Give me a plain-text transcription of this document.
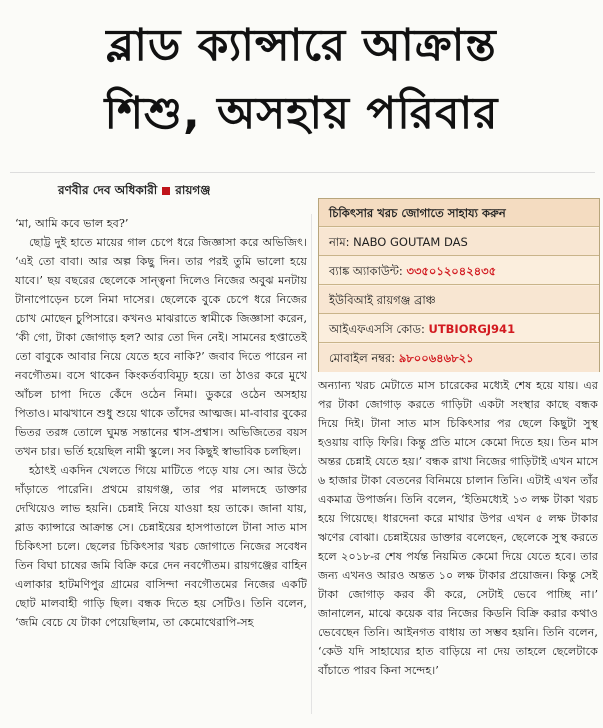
ব্লাড ক্যান্সারে আক্রান্ত
শিশু, অসহায় পরিবার
রণবীর দেব অধিকারী রায়গঞ্জ

‘মা, আমি কবে ভাল হব?’

ছোট্ট দুই হাতে মায়ের গাল চেপে ধরে জিজ্ঞাসা করে অভিজিৎ। ‘এই তো বাবা। আর অল্প কিছু দিন। তার পরই তুমি ভালো হয়ে যাবে।’ ছয় বছরের ছেলেকে সান্ত্বনা দিলেও নিজের অবুঝ মনটায় টানাপোড়েন চলে নিমা দাসের। ছেলেকে বুকে চেপে ধরে নিজের চোখ মোছেন চুপিসারে। কখনও মাঝরাতে স্বামীকে জিজ্ঞাসা করেন, ‘কী গো, টাকা জোগাড় হল? আর তো দিন নেই। সামনের হপ্তাতেই তো বাবুকে আবার নিয়ে যেতে হবে নাকি?’ জবাব দিতে পারেন না নবগৌতম। বসে থাকেন কিংকর্তব্যবিমূঢ় হয়ে। তা ঠাওর করে মুখে আঁচল চাপা দিতে কেঁদে ওঠেন নিমা। ডুকরে ওঠেন অসহায় পিতাও। মাঝখানে শুধু শুয়ে থাকে তাঁদের আত্মজ। মা-বাবার বুকের ভিতর তরঙ্গ তোলে ঘুমন্ত সন্তানের শ্বাস-প্রশ্বাস। অভিজিতের বয়স তখন চার। ভর্তি হয়েছিল নামী স্কুলে। সব কিছুই স্বাভাবিক চলছিল।

হঠাৎই একদিন খেলতে গিয়ে মাটিতে পড়ে যায় সে। আর উঠে দাঁড়াতে পারেনি। প্রথমে রায়গঞ্জ, তার পর মালদহে ডাক্তার দেখিয়েও লাভ হয়নি। চেন্নাই নিয়ে যাওয়া হয় তাকে। জানা যায়, ব্লাড ক্যান্সারে আক্রান্ত সে। চেন্নাইয়ের হাসপাতালে টানা সাত মাস চিকিৎসা চলে। ছেলের চিকিৎসার খরচ জোগাতে নিজের সবেধন তিন বিঘা চাষের জমি বিক্রি করে দেন নবগৌতম। রায়গঞ্জের বাহিন এলাকার হাটমণিপুর গ্রামের বাসিন্দা নবগৌতমের নিজের একটি ছোট মালবাহী গাড়ি ছিল। বন্ধক দিতে হয় সেটিও। তিনি বলেন, ‘জমি বেচে যে টাকা পেয়েছিলাম, তা কেমোথেরাপি-সহ

চিকিৎসার খরচ জোগাতে সাহায্য করুন
নাম: NABO GOUTAM DAS
ব্যাঙ্ক অ্যাকাউন্ট: ৩৩৫০১২০৪২৪৩৫
ইউবিআই রায়গঞ্জ ব্রাঞ্চ
আইএফএসসি কোড: UTBIORGJ941
মোবাইল নম্বর: ৯৮০০৬৪৬৮২১

অন্যান্য খরচ মেটাতে মাস চারেকের মধ্যেই শেষ হয়ে যায়। এর পর টাকা জোগাড় করতে গাড়িটা একটা সংস্থার কাছে বন্ধক দিয়ে দিই। টানা সাত মাস চিকিৎসার পর ছেলে কিছুটা সুস্থ হওয়ায় বাড়ি ফিরি। কিন্তু প্রতি মাসে কেমো দিতে হয়। তিন মাস অন্তর চেন্নাই যেতে হয়।’ বন্ধক রাখা নিজের গাড়িটাই এখন মাসে ৬ হাজার টাকা বেতনের বিনিময়ে চালান তিনি। এটাই এখন তাঁর একমাত্র উপার্জন। তিনি বলেন, ‘ইতিমধ্যেই ১৩ লক্ষ টাকা খরচ হয়ে গিয়েছে। ধারদেনা করে মাথার উপর এখন ৫ লক্ষ টাকার ঋণের বোঝা। চেন্নাইয়ের ডাক্তার বলেছেন, ছেলেকে সুস্থ করতে হলে ২০১৮-র শেষ পর্যন্ত নিয়মিত কেমো দিয়ে যেতে হবে। তার জন্য এখনও আরও অন্তত ১০ লক্ষ টাকার প্রয়োজন। কিন্তু সেই টাকা জোগাড় করব কী করে, সেটাই ভেবে পাচ্ছি না।’ জানালেন, মাঝে কয়েক বার নিজের কিডনি বিক্রি করার কথাও ভেবেছেন তিনি। আইনগত বাধায় তা সম্ভব হয়নি। তিনি বলেন, ‘কেউ যদি সাহায্যের হাত বাড়িয়ে না দেয় তাহলে ছেলেটাকে বাঁচাতে পারব কিনা সন্দেহ।’
